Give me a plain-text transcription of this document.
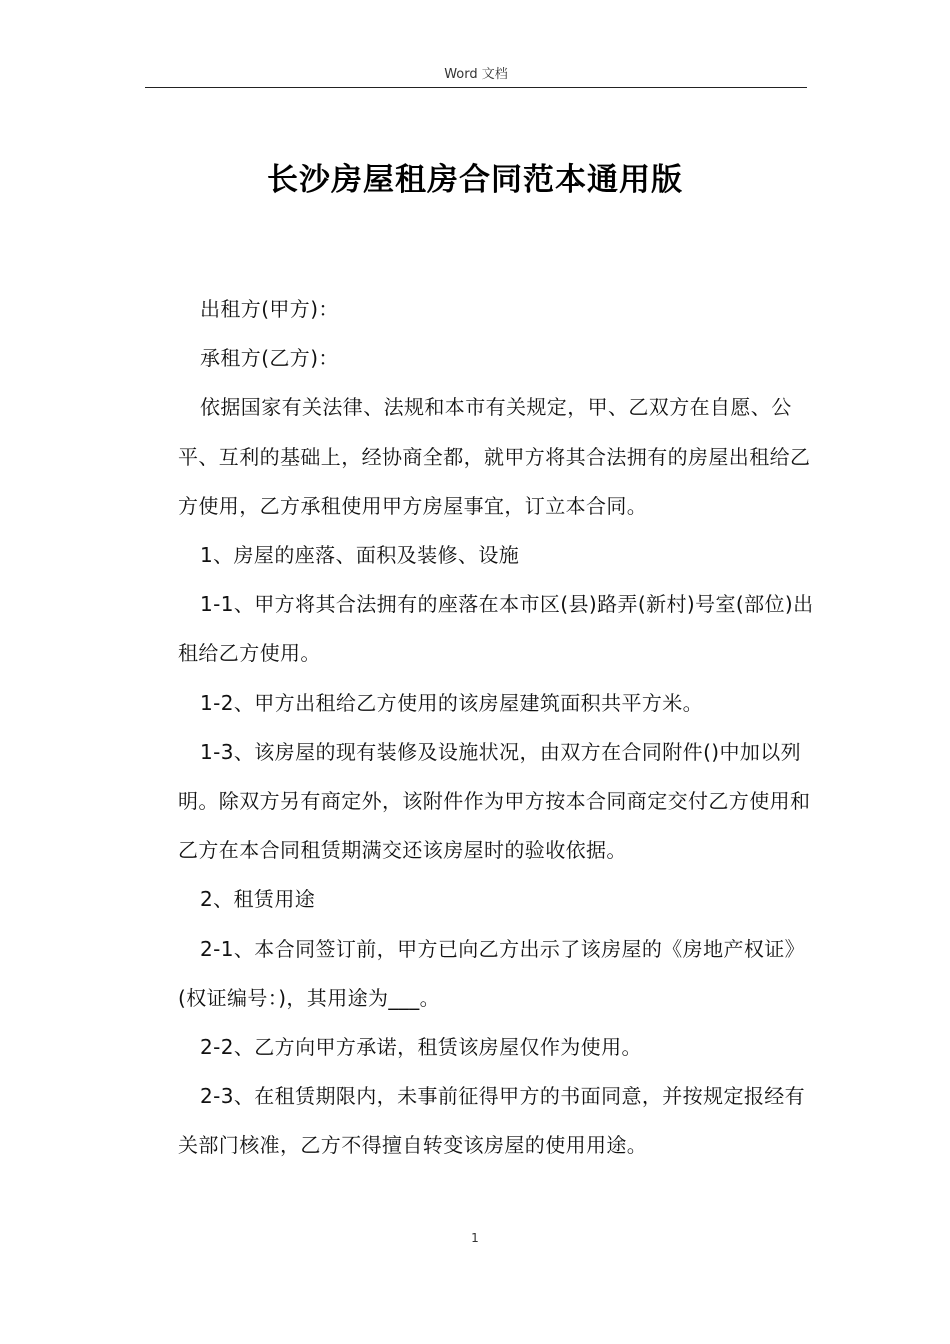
Word 文档
长沙房屋租房合同范本通用版

出租方(甲方)：

承租方(乙方)：

依据国家有关法律、法规和本市有关规定，甲、乙双方在自愿、公平、互利的基础上，经协商全都，就甲方将其合法拥有的房屋出租给乙方使用，乙方承租使用甲方房屋事宜，订立本合同。

1、房屋的座落、面积及装修、设施

1-1、甲方将其合法拥有的座落在本市区(县)路弄(新村)号室(部位)出租给乙方使用。

1-2、甲方出租给乙方使用的该房屋建筑面积共平方米。

1-3、该房屋的现有装修及设施状况，由双方在合同附件()中加以列明。除双方另有商定外，该附件作为甲方按本合同商定交付乙方使用和乙方在本合同租赁期满交还该房屋时的验收依据。

2、租赁用途

2-1、本合同签订前，甲方已向乙方出示了该房屋的《房地产权证》(权证编号：)，其用途为___。

2-2、乙方向甲方承诺，租赁该房屋仅作为使用。

2-3、在租赁期限内，未事前征得甲方的书面同意，并按规定报经有关部门核准，乙方不得擅自转变该房屋的使用用途。

1
